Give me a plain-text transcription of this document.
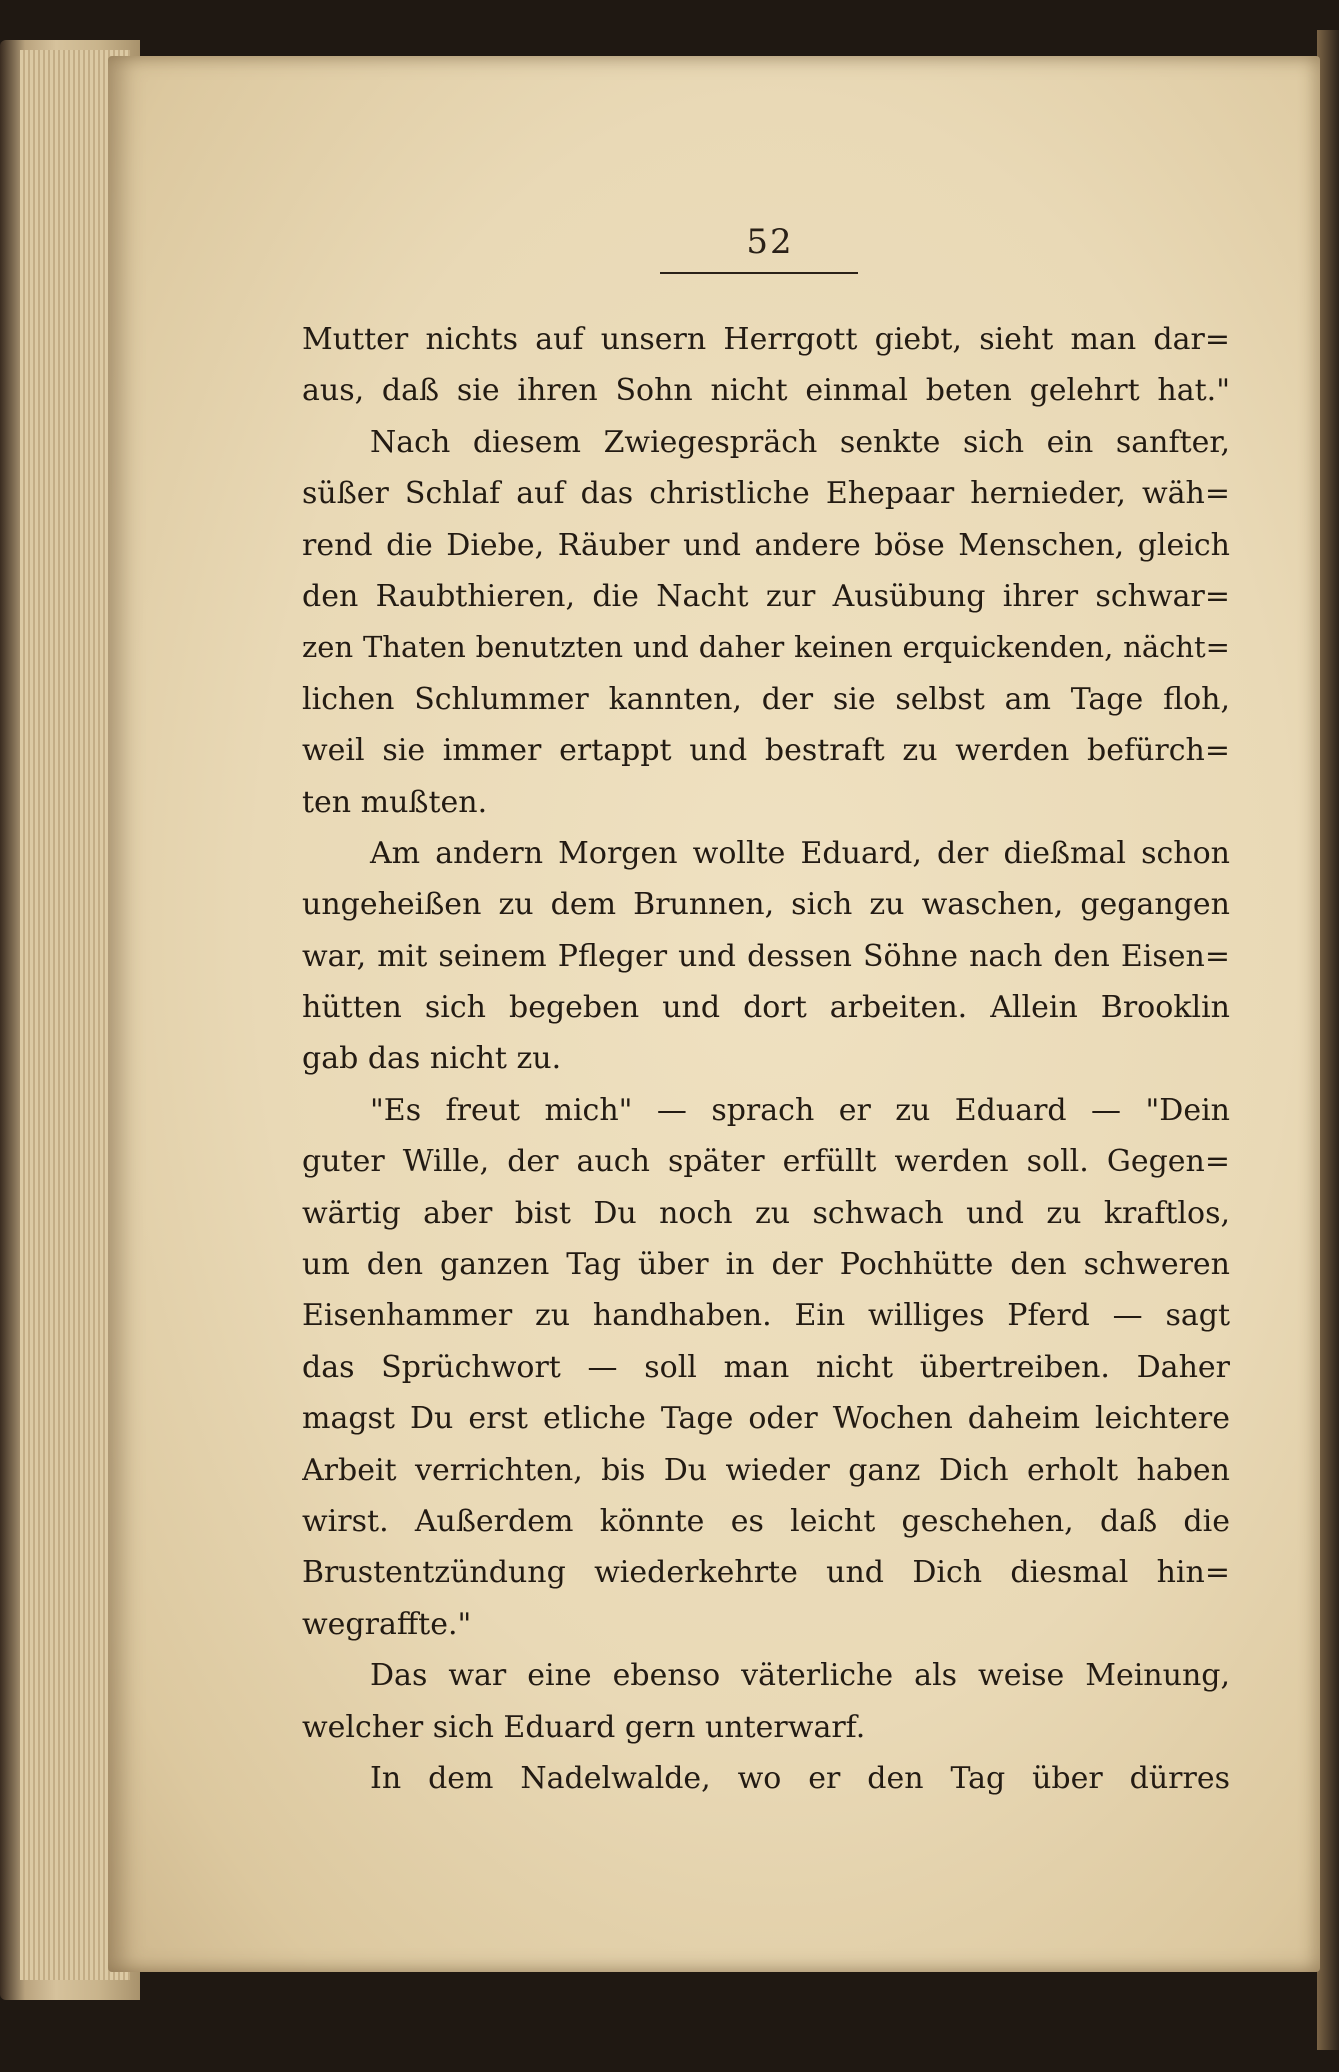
52
Mutter nichts auf unsern Herrgott giebt, sieht man dar=
aus, daß sie ihren Sohn nicht einmal beten gelehrt hat."
Nach diesem Zwiegespräch senkte sich ein sanfter,
süßer Schlaf auf das christliche Ehepaar hernieder, wäh=
rend die Diebe, Räuber und andere böse Menschen, gleich
den Raubthieren, die Nacht zur Ausübung ihrer schwar=
zen Thaten benutzten und daher keinen erquickenden, nächt=
lichen Schlummer kannten, der sie selbst am Tage floh,
weil sie immer ertappt und bestraft zu werden befürch=
ten mußten.
Am andern Morgen wollte Eduard, der dießmal schon
ungeheißen zu dem Brunnen, sich zu waschen, gegangen
war, mit seinem Pfleger und dessen Söhne nach den Eisen=
hütten sich begeben und dort arbeiten. Allein Brooklin
gab das nicht zu.
"Es freut mich" — sprach er zu Eduard — "Dein
guter Wille, der auch später erfüllt werden soll. Gegen=
wärtig aber bist Du noch zu schwach und zu kraftlos,
um den ganzen Tag über in der Pochhütte den schweren
Eisenhammer zu handhaben. Ein williges Pferd — sagt
das Sprüchwort — soll man nicht übertreiben. Daher
magst Du erst etliche Tage oder Wochen daheim leichtere
Arbeit verrichten, bis Du wieder ganz Dich erholt haben
wirst. Außerdem könnte es leicht geschehen, daß die
Brustentzündung wiederkehrte und Dich diesmal hin=
wegraffte."
Das war eine ebenso väterliche als weise Meinung,
welcher sich Eduard gern unterwarf.
In dem Nadelwalde, wo er den Tag über dürres
